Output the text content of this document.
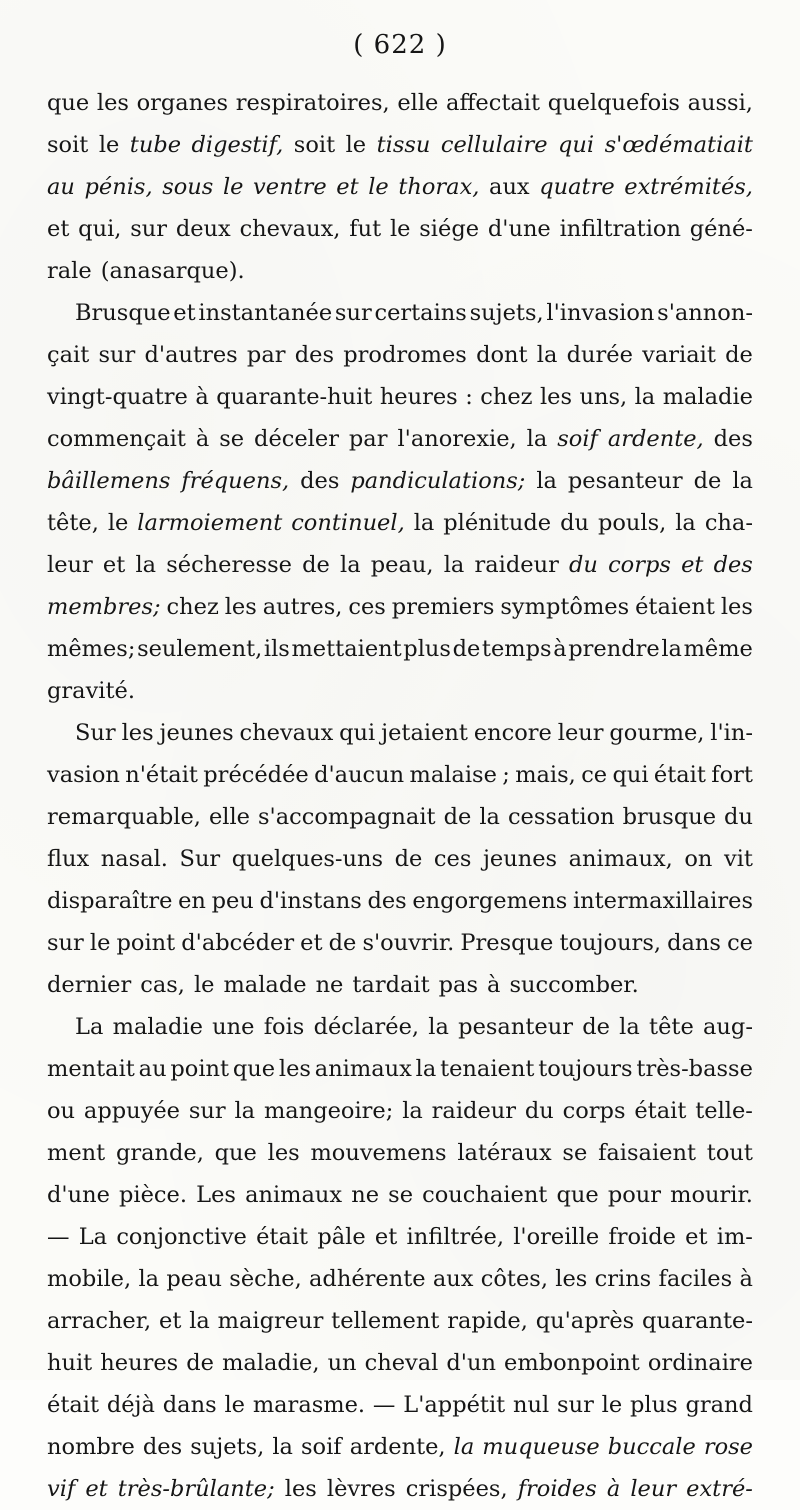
( 622 )
que les organes respiratoires, elle affectait quelquefois aussi,
soit le tube digestif, soit le tissu cellulaire qui s'œdématiait
au pénis, sous le ventre et le thorax, aux quatre extrémités,
et qui, sur deux chevaux, fut le siége d'une infiltration géné-
rale (anasarque).
Brusque et instantanée sur certains sujets, l'invasion s'annon-
çait sur d'autres par des prodromes dont la durée variait de
vingt-quatre à quarante-huit heures : chez les uns, la maladie
commençait à se déceler par l'anorexie, la soif ardente, des
bâillemens fréquens, des pandiculations; la pesanteur de la
tête, le larmoiement continuel, la plénitude du pouls, la cha-
leur et la sécheresse de la peau, la raideur du corps et des
membres; chez les autres, ces premiers symptômes étaient les
mêmes; seulement, ils mettaient plus de temps à prendre la même
gravité.
Sur les jeunes chevaux qui jetaient encore leur gourme, l'in-
vasion n'était précédée d'aucun malaise ; mais, ce qui était fort
remarquable, elle s'accompagnait de la cessation brusque du
flux nasal. Sur quelques-uns de ces jeunes animaux, on vit
disparaître en peu d'instans des engorgemens intermaxillaires
sur le point d'abcéder et de s'ouvrir. Presque toujours, dans ce
dernier cas, le malade ne tardait pas à succomber.
La maladie une fois déclarée, la pesanteur de la tête aug-
mentait au point que les animaux la tenaient toujours très-basse
ou appuyée sur la mangeoire; la raideur du corps était telle-
ment grande, que les mouvemens latéraux se faisaient tout
d'une pièce. Les animaux ne se couchaient que pour mourir.
— La conjonctive était pâle et infiltrée, l'oreille froide et im-
mobile, la peau sèche, adhérente aux côtes, les crins faciles à
arracher, et la maigreur tellement rapide, qu'après quarante-
huit heures de maladie, un cheval d'un embonpoint ordinaire
était déjà dans le marasme. — L'appétit nul sur le plus grand
nombre des sujets, la soif ardente, la muqueuse buccale rose
vif et très-brûlante; les lèvres crispées, froides à leur extré-
